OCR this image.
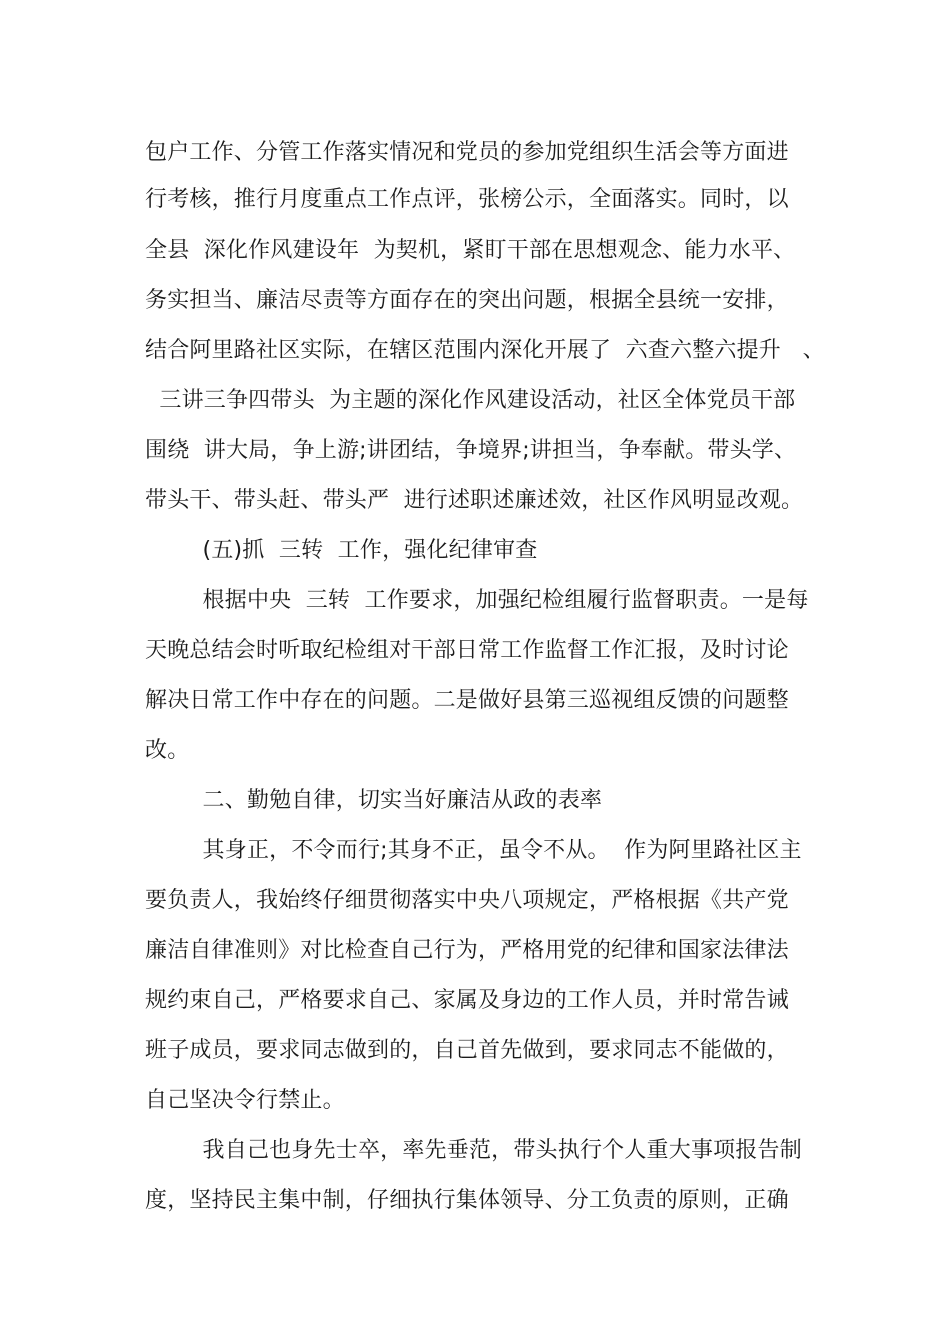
包户工作、分管工作落实情况和党员的参加党组织生活会等方面进
行考核，推行月度重点工作点评，张榜公示，全面落实。同时，以
全县  深化作风建设年  为契机，紧盯干部在思想观念、能力水平、
务实担当、廉洁尽责等方面存在的突出问题，根据全县统一安排，
结合阿里路社区实际，在辖区范围内深化开展了  六查六整六提升   、
三讲三争四带头  为主题的深化作风建设活动，社区全体党员干部
围绕  讲大局，争上游;讲团结，争境界;讲担当，争奉献。带头学、
带头干、带头赶、带头严  进行述职述廉述效，社区作风明显改观。
(五)抓  三转  工作，强化纪律审查
根据中央  三转  工作要求，加强纪检组履行监督职责。一是每
天晚总结会时听取纪检组对干部日常工作监督工作汇报，及时讨论
解决日常工作中存在的问题。二是做好县第三巡视组反馈的问题整
改。
二、勤勉自律，切实当好廉洁从政的表率
其身正，不令而行;其身不正，虽令不从。  作为阿里路社区主
要负责人，我始终仔细贯彻落实中央八项规定，严格根据《共产党
廉洁自律准则》对比检查自己行为，严格用党的纪律和国家法律法
规约束自己，严格要求自己、家属及身边的工作人员，并时常告诫
班子成员，要求同志做到的，自己首先做到，要求同志不能做的，
自己坚决令行禁止。
我自己也身先士卒，率先垂范，带头执行个人重大事项报告制
度，坚持民主集中制，仔细执行集体领导、分工负责的原则，正确
